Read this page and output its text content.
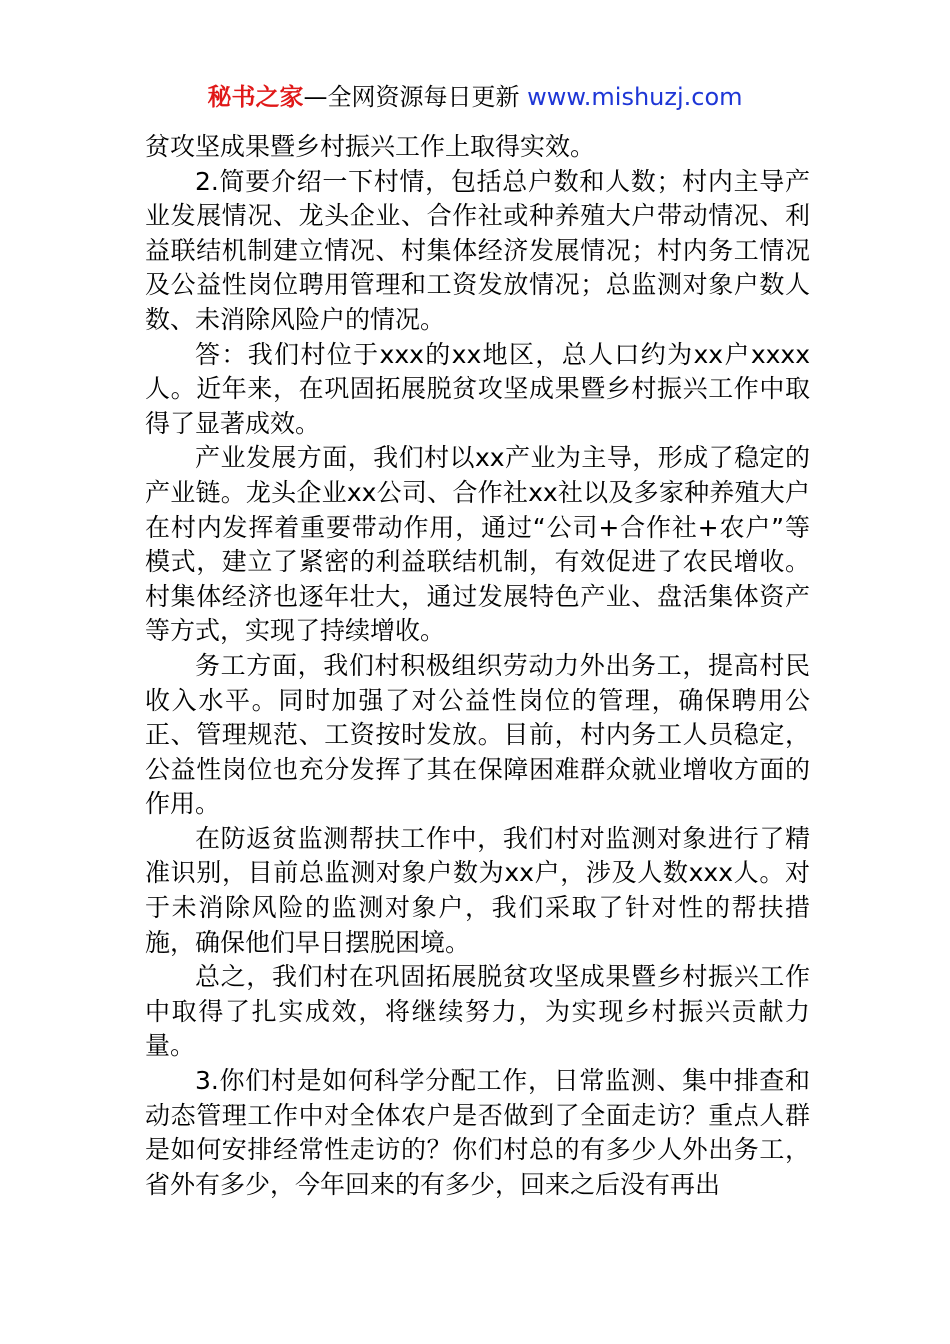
秘书之家—全网资源每日更新 www.mishuzj.com

贫攻坚成果暨乡村振兴工作上取得实效。

2.简要介绍一下村情，包括总户数和人数；村内主导产业发展情况、龙头企业、合作社或种养殖大户带动情况、利益联结机制建立情况、村集体经济发展情况；村内务工情况及公益性岗位聘用管理和工资发放情况；总监测对象户数人数、未消除风险户的情况。

答：我们村位于xxx的xx地区，总人口约为xx户xxxx人。近年来，在巩固拓展脱贫攻坚成果暨乡村振兴工作中取得了显著成效。

产业发展方面，我们村以xx产业为主导，形成了稳定的产业链。龙头企业xx公司、合作社xx社以及多家种养殖大户在村内发挥着重要带动作用，通过“公司+合作社+农户”等模式，建立了紧密的利益联结机制，有效促进了农民增收。村集体经济也逐年壮大，通过发展特色产业、盘活集体资产等方式，实现了持续增收。

务工方面，我们村积极组织劳动力外出务工，提高村民收入水平。同时加强了对公益性岗位的管理，确保聘用公正、管理规范、工资按时发放。目前，村内务工人员稳定，公益性岗位也充分发挥了其在保障困难群众就业增收方面的作用。

在防返贫监测帮扶工作中，我们村对监测对象进行了精准识别，目前总监测对象户数为xx户，涉及人数xxx人。对于未消除风险的监测对象户，我们采取了针对性的帮扶措施，确保他们早日摆脱困境。

总之，我们村在巩固拓展脱贫攻坚成果暨乡村振兴工作中取得了扎实成效，将继续努力，为实现乡村振兴贡献力量。

3.你们村是如何科学分配工作，日常监测、集中排查和动态管理工作中对全体农户是否做到了全面走访？重点人群是如何安排经常性走访的？你们村总的有多少人外出务工，省外有多少，今年回来的有多少，回来之后没有再出
